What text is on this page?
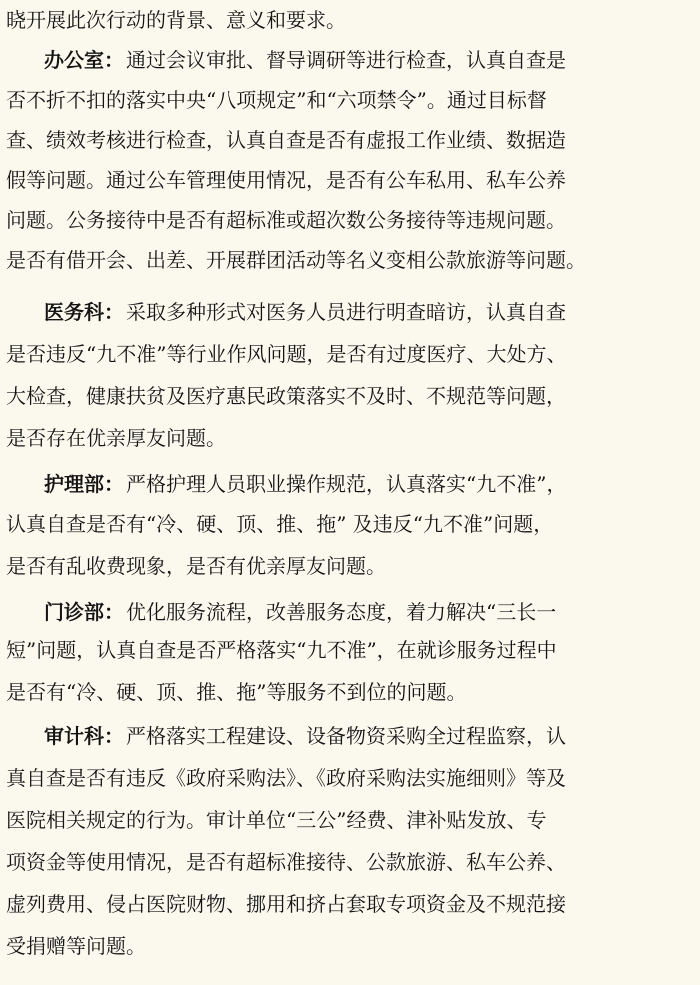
晓开展此次行动的背景、意义和要求。
办公室： 通过会议审批、督导调研等进行检查，认真自查是
否不折不扣的落实中央“八项规定”和“六项禁令”。通过目标督
查、绩效考核进行检查，认真自查是否有虚报工作业绩、数据造
假等问题。通过公车管理使用情况，是否有公车私用、私车公养
问题。公务接待中是否有超标准或超次数公务接待等违规问题。
是否有借开会、出差、开展群团活动等名义变相公款旅游等问题。
医务科： 采取多种形式对医务人员进行明查暗访，认真自查
是否违反“九不准”等行业作风问题，是否有过度医疗、大处方、
大检查，健康扶贫及医疗惠民政策落实不及时、不规范等问题，
是否存在优亲厚友问题。
护理部： 严格护理人员职业操作规范，认真落实“九不准”，
认真自查是否有“冷、硬、顶、推、拖” 及违反“九不准”问题，
是否有乱收费现象，是否有优亲厚友问题。
门诊部： 优化服务流程，改善服务态度，着力解决“三长一
短”问题，认真自查是否严格落实“九不准”，在就诊服务过程中
是否有“冷、硬、顶、推、拖”等服务不到位的问题。
审计科： 严格落实工程建设、设备物资采购全过程监察，认
真自查是否有违反《政府采购法》、《政府采购法实施细则》等及
医院相关规定的行为。审计单位“三公”经费、津补贴发放、专
项资金等使用情况，是否有超标准接待、公款旅游、私车公养、
虚列费用、侵占医院财物、挪用和挤占套取专项资金及不规范接
受捐赠等问题。
